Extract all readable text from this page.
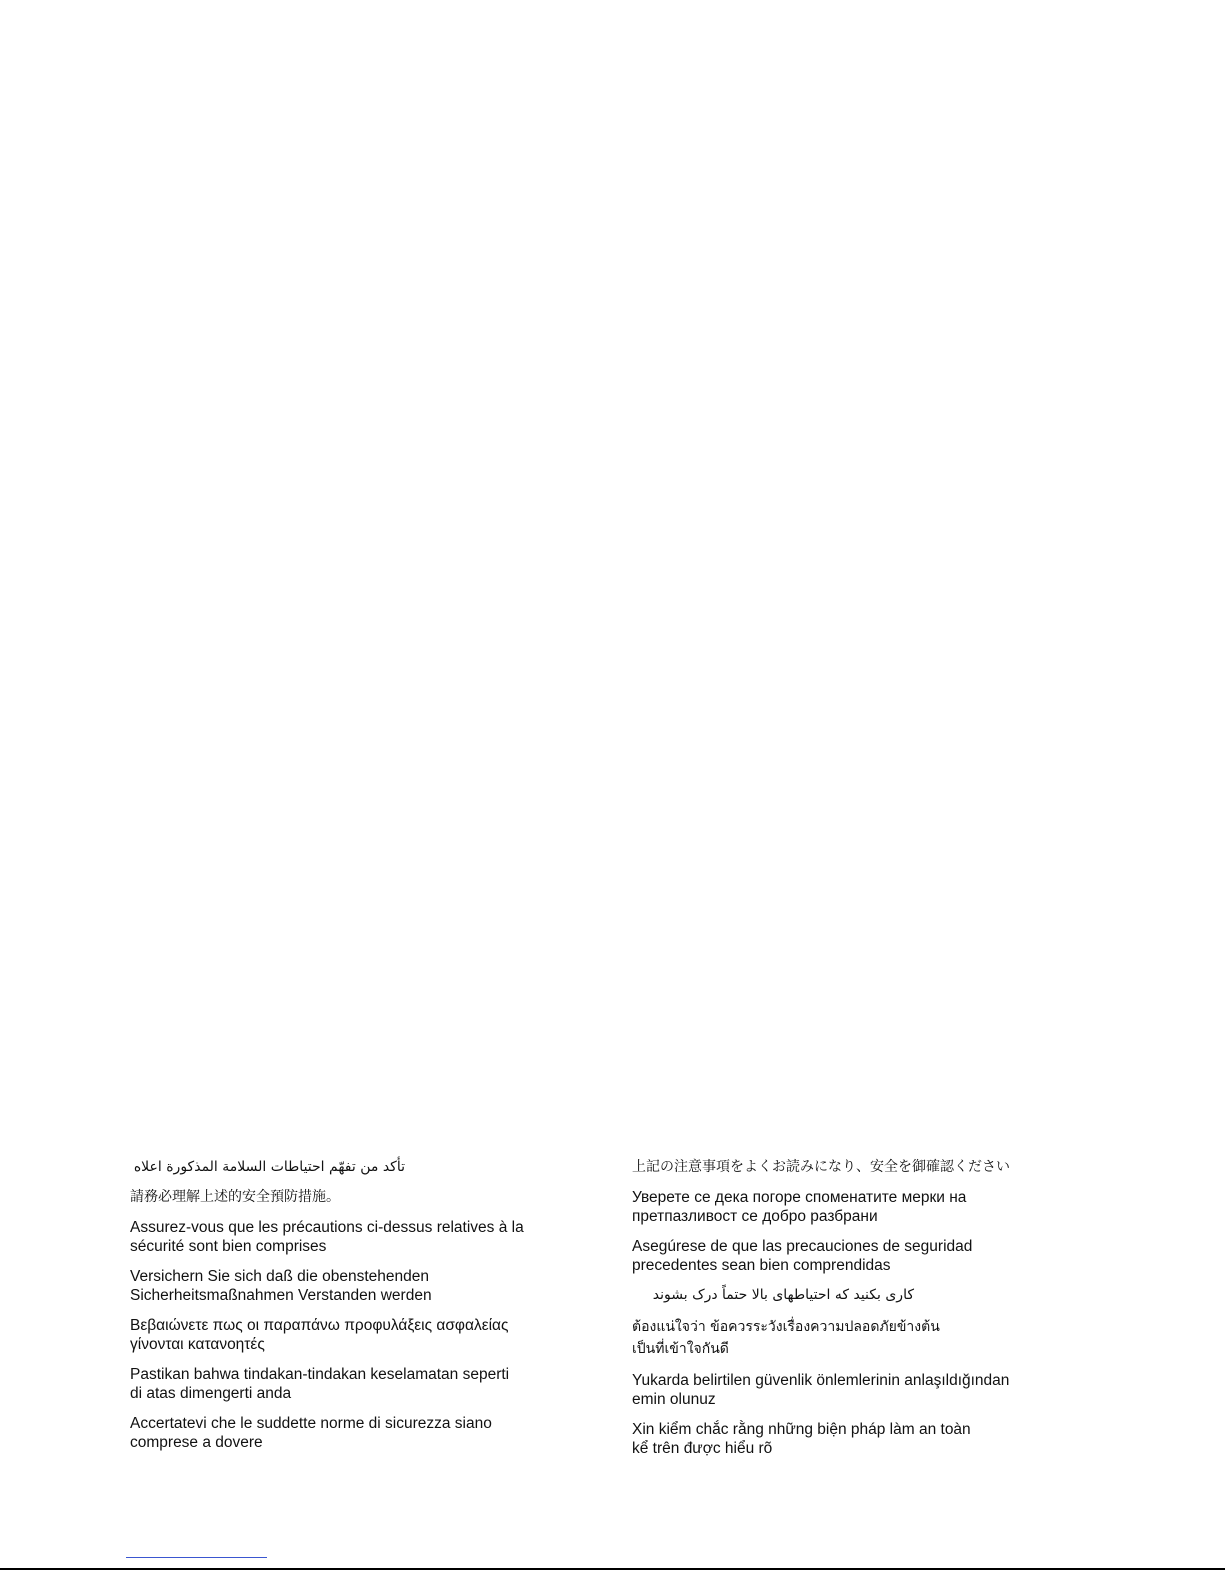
تأكد من تفهّم احتياطات السلامة المذكورة اعلاه

請務必理解上述的安全預防措施。

Assurez-vous que les précautions ci-dessus relatives à la
sécurité sont bien comprises

Versichern Sie sich daß die obenstehenden
Sicherheitsmaßnahmen Verstanden werden

Βεβαιώνετε πως οι παραπάνω προφυλάξεις ασφαλείας
γίνονται κατανοητές

Pastikan bahwa tindakan-tindakan keselamatan seperti
di atas dimengerti anda

Accertatevi che le suddette norme di sicurezza siano
comprese a dovere

上記の注意事項をよくお読みになり、安全を御確認ください

Уверете се дека погоре споменатите мерки на
претпазливост се добро разбрани

Asegúrese de que las precauciones de seguridad
precedentes sean bien comprendidas

کاری بکنید که احتیاطهای بالا حتماً درک بشوند

ต้องแน่ใจว่า ข้อควรระวังเรื่องความปลอดภัยข้างต้น
เป็นที่เข้าใจกันดี

Yukarda belirtilen güvenlik önlemlerinin anlaşıldığından
emin olunuz

Xin kiểm chắc rằng những biện pháp làm an toàn
kể trên được hiểu rõ
